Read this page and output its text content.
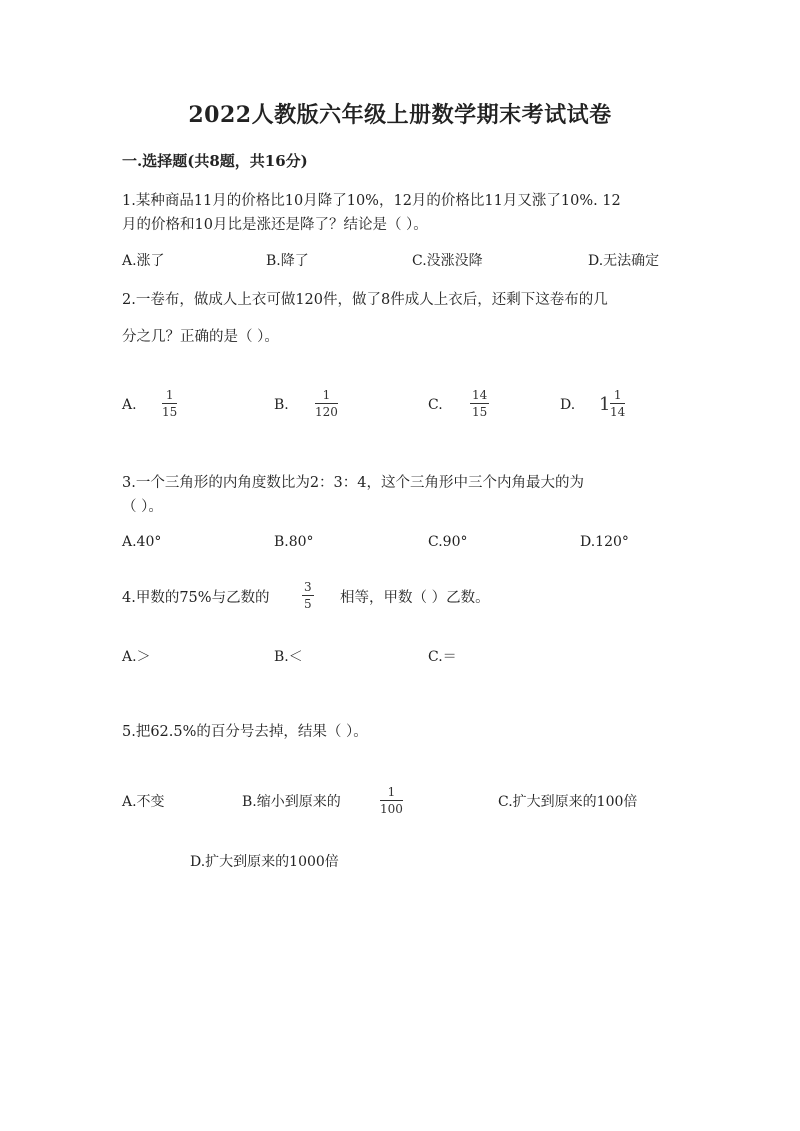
2022人教版六年级上册数学期末考试试卷
一.选择题(共8题，共16分)
1.某种商品11月的价格比10月降了10%，12月的价格比11月又涨了10%. 12
月的价格和10月比是涨还是降了？结论是（ ）。
A.涨了	B.降了	C.没涨没降	D.无法确定
2.一卷布，做成人上衣可做120件，做了8件成人上衣后，还剩下这卷布的几
分之几？正确的是（ ）。
A.
1
15	B.
1
120	C.
14
15	D. 1 1
14
3.一个三角形的内角度数比为2：3：4，这个三角形中三个内角最大的为
（ ）。
A.40°	B.80°	C.90°	D.120°
4.甲数的75%与乙数的
3
5 相等，甲数（ ）乙数。
A.＞	B.＜	C.＝
5.把62.5%的百分号去掉，结果（ ）。
A.不变	B.缩小到原来的
1
100	C.扩大到原来的100倍
D.扩大到原来的1000倍
